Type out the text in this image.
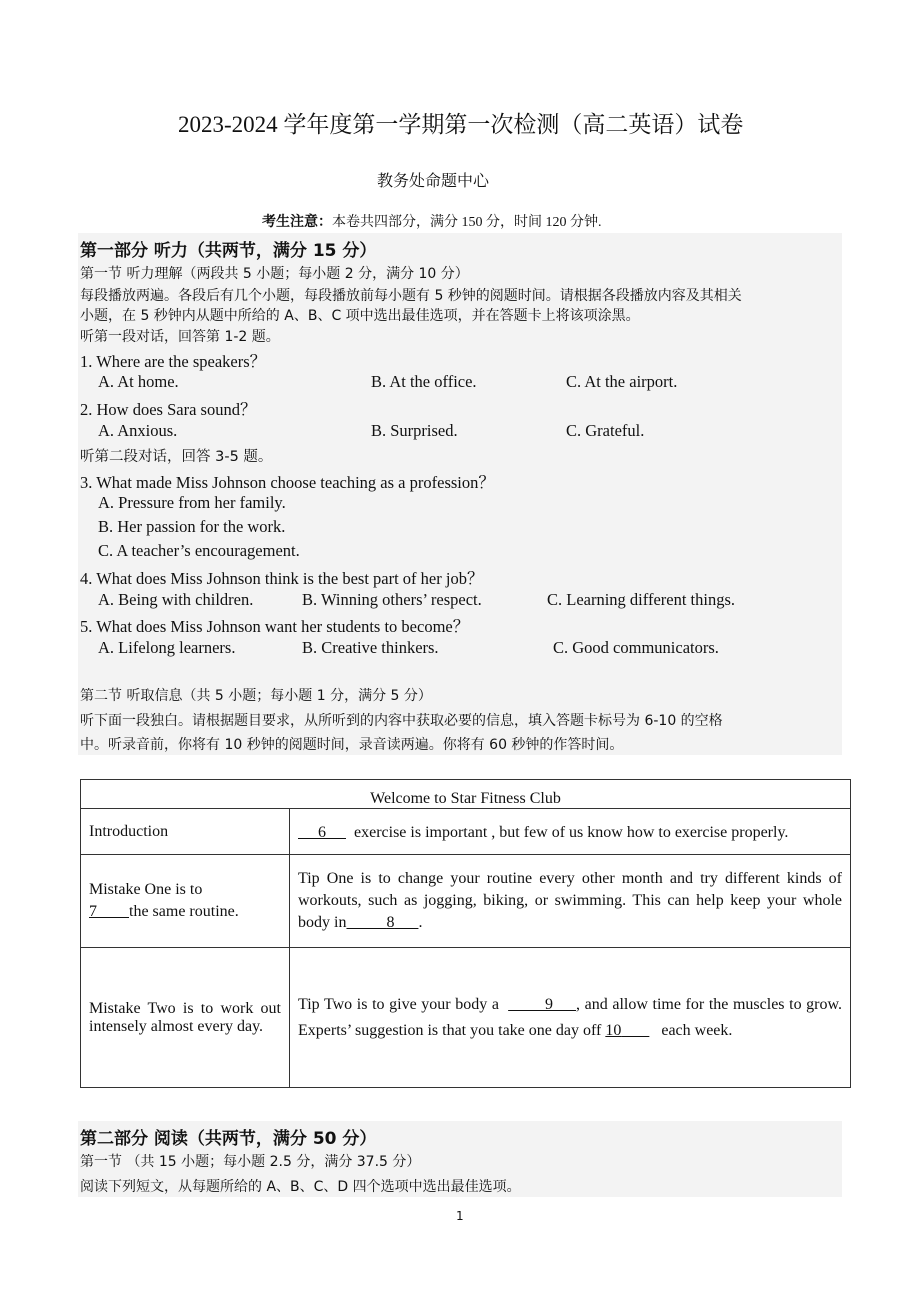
2023-2024 学年度第一学期第一次检测（高二英语）试卷
教务处命题中心
考生注意：本卷共四部分，满分 150 分，时间 120 分钟.
第一部分 听力（共两节，满分 15 分）
第一节 听力理解（两段共 5 小题；每小题 2 分，满分 10 分）
每段播放两遍。各段后有几个小题，每段播放前每小题有 5 秒钟的阅题时间。请根据各段播放内容及其相关
小题，在 5 秒钟内从题中所给的 A、B、C 项中选出最佳选项，并在答题卡上将该项涂黑。
听第一段对话，回答第 1-2 题。
1. Where are the speakers？
A. At home.	B. At the office.	C. At the airport.
2. How does Sara sound？
A. Anxious.	B. Surprised.	C. Grateful.
听第二段对话，回答 3-5 题。
3. What made Miss Johnson choose teaching as a profession？
A. Pressure from her family.
B. Her passion for the work.
C. A teacher’s encouragement.
4. What does Miss Johnson think is the best part of her job？
A. Being with children.	B. Winning others’ respect.	C. Learning different things.
5. What does Miss Johnson want her students to become？
A. Lifelong learners.	B. Creative thinkers.	C. Good communicators.
第二节 听取信息（共 5 小题；每小题 1 分，满分 5 分）
听下面一段独白。请根据题目要求，从所听到的内容中获取必要的信息，填入答题卡标号为 6-10 的空格
中。听录音前，你将有 10 秒钟的阅题时间，录音读两遍。你将有 60 秒钟的作答时间。
Welcome to Star Fitness Club	
Introduction	6 exercise is important , but few of us know how to exercise properly.
Mistake One is to
7 the same routine.	Tip One is to change your routine every other month and try different kinds of workouts, such as jogging, biking, or swimming. This can help keep your whole body in 8 .
Mistake Two is to work out intensely almost every day.	Tip Two is to give your body a 9 , and allow time for the muscles to grow. Experts’ suggestion is that you take one day off 10 each week.
第二部分 阅读（共两节，满分 50 分）
第一节 （共 15 小题；每小题 2.5 分，满分 37.5 分）
阅读下列短文，从每题所给的 A、B、C、D 四个选项中选出最佳选项。
1
